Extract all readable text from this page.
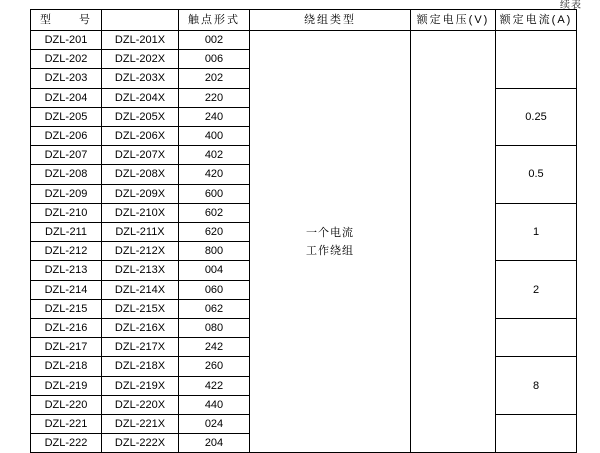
续表
型　　号		触点形式	绕组类型	额定电压(V)	额定电流(A)
DZL-201	DZL-201X	002	一个电流
工作绕组		

DZL-202	DZL-202X	006			
DZL-203	DZL-203X	202			
DZL-204	DZL-204X	220			0.25
DZL-205	DZL-205X	240			
DZL-206	DZL-206X	400			
DZL-207	DZL-207X	402			0.5
DZL-208	DZL-208X	420			
DZL-209	DZL-209X	600			
DZL-210	DZL-210X	602			1
DZL-211	DZL-211X	620			
DZL-212	DZL-212X	800			
DZL-213	DZL-213X	004			2
DZL-214	DZL-214X	060			
DZL-215	DZL-215X	062			
DZL-216	DZL-216X	080			
DZL-217	DZL-217X	242			
DZL-218	DZL-218X	260			8
DZL-219	DZL-219X	422			
DZL-220	DZL-220X	440			
DZL-221	DZL-221X	024			
DZL-222	DZL-222X	204			
